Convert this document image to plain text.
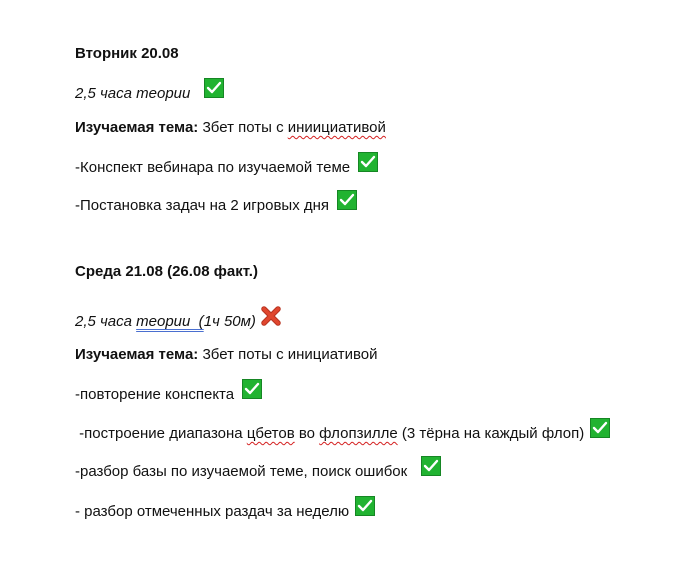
Вторник 20.08
2,5 часа теории
Изучаемая тема: 3бет поты с иниициативой
-Конспект вебинара по изучаемой теме
-Постановка задач на 2 игровых дня
Среда 21.08 (26.08 факт.)
2,5 часа теории  ( 1ч 50м)
Изучаемая тема: 3бет поты с инициативой
-повторение конспекта
-построение диапазона цбетов во флопзилле (3 тёрна на каждый флоп)
-разбор базы по изучаемой теме, поиск ошибок
- разбор отмеченных раздач за неделю
